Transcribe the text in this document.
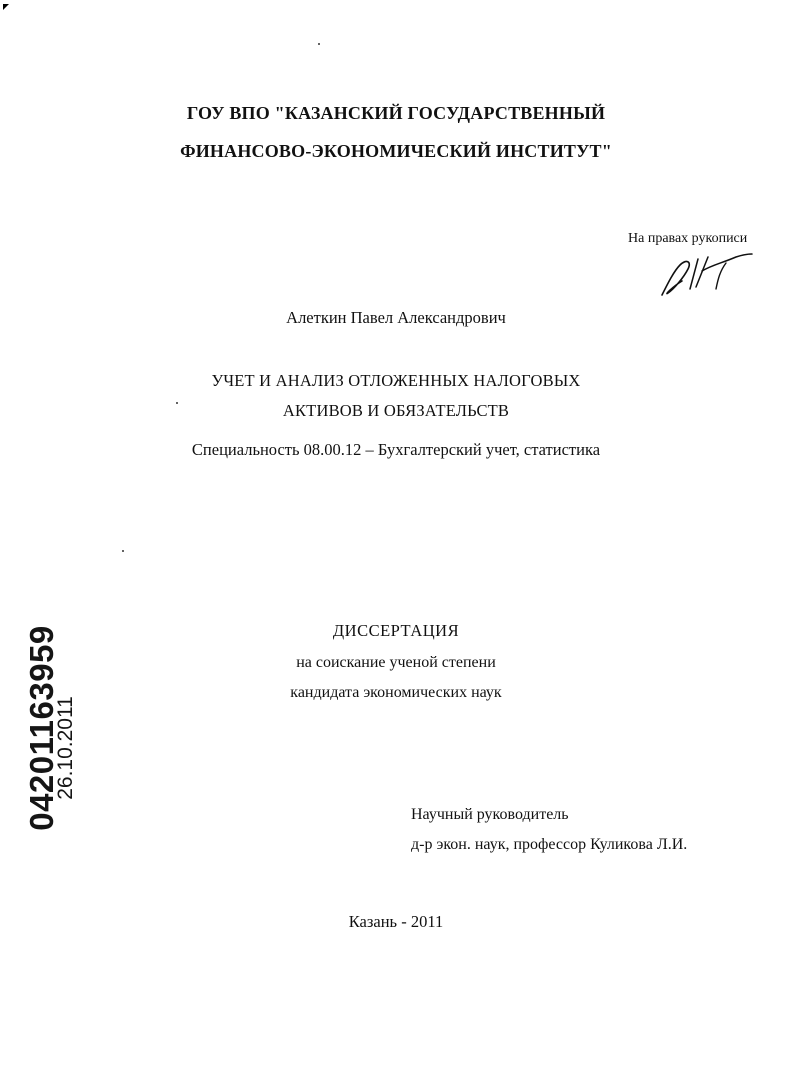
ГОУ ВПО "КАЗАНСКИЙ ГОСУДАРСТВЕННЫЙ
ФИНАНСОВО-ЭКОНОМИЧЕСКИЙ ИНСТИТУТ"
На правах рукописи
Алеткин Павел Александрович
УЧЕТ И АНАЛИЗ ОТЛОЖЕННЫХ НАЛОГОВЫХ
АКТИВОВ И ОБЯЗАТЕЛЬСТВ
Специальность 08.00.12 – Бухгалтерский учет, статистика
ДИССЕРТАЦИЯ
на соискание ученой степени
кандидата экономических наук
Научный руководитель
д-р экон. наук, профессор Куликова Л.И.
Казань - 2011
04201163959
26.10.2011
